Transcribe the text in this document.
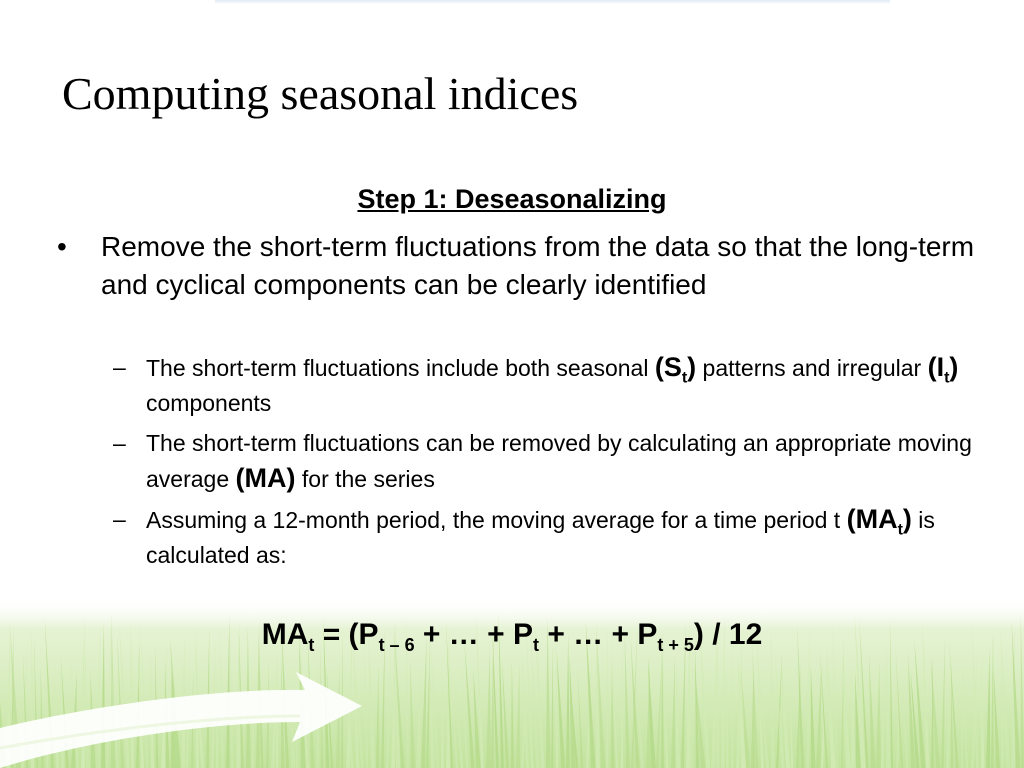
Computing seasonal indices
Step 1: Deseasonalizing
• Remove the short-term fluctuations from the data so that the long-term and cyclical components can be clearly identified
– The short-term fluctuations include both seasonal $(S_t)$ patterns and irregular $(I_t)$ components
– The short-term fluctuations can be removed by calculating an appropriate moving average (MA) for the series
– Assuming a 12-month period, the moving average for a time period t $(MA_t)$ is calculated as:
$MA_t = (P_{t - 6}$ + … + $P_t$ + … + $P_{t + 5}) / 12$
